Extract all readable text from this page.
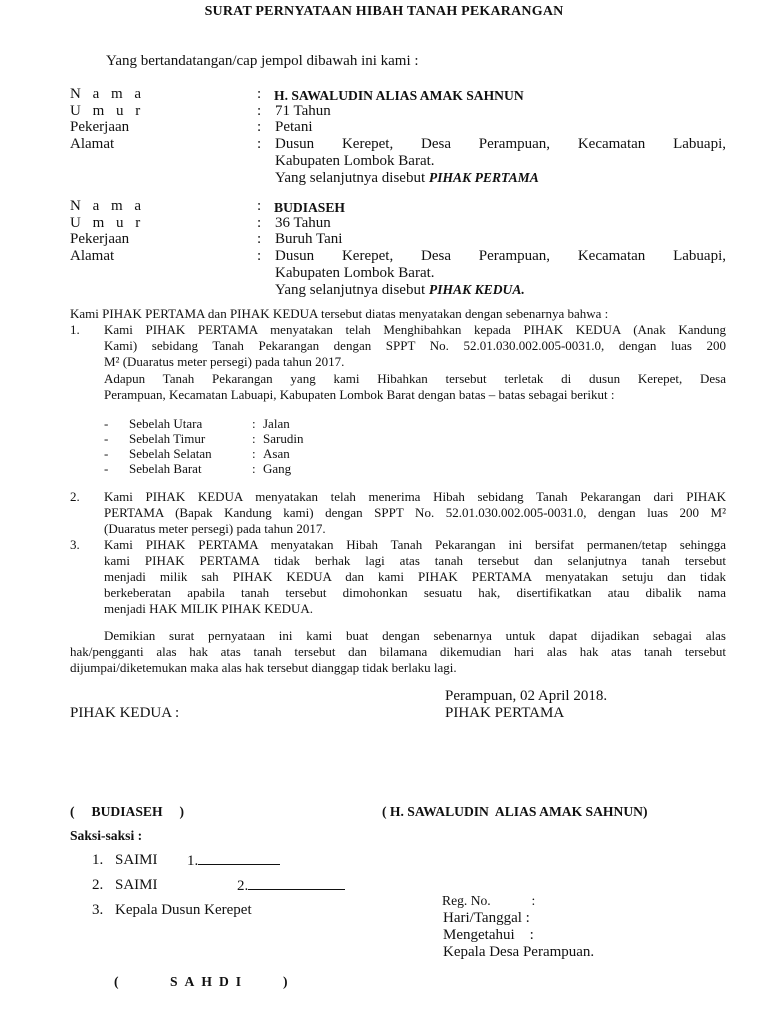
SURAT PERNYATAAN HIBAH TANAH PEKARANGAN
Yang bertandatangan/cap jempol dibawah ini kami :
N a m a	: H. SAWALUDIN ALIAS AMAK SAHNUN
U m u r	: 71 Tahun
Pekerjaan	: Petani
Alamat	: Dusun Kerepet, Desa Perampuan, Kecamatan Labuapi,
Kabupaten Lombok Barat.
Yang selanjutnya disebut PIHAK PERTAMA
N a m a	: BUDIASEH
U m u r	: 36 Tahun
Pekerjaan	: Buruh Tani
Alamat	: Dusun Kerepet, Desa Perampuan, Kecamatan Labuapi,
Kabupaten Lombok Barat.
Yang selanjutnya disebut PIHAK KEDUA.
Kami PIHAK PERTAMA dan PIHAK KEDUA tersebut diatas menyatakan dengan sebenarnya bahwa :
1. Kami PIHAK PERTAMA menyatakan telah Menghibahkan kepada PIHAK KEDUA (Anak Kandung
Kami) sebidang Tanah Pekarangan dengan SPPT No. 52.01.030.002.005-0031.0, dengan luas 200
M² (Duaratus meter persegi) pada tahun 2017.
Adapun Tanah Pekarangan yang kami Hibahkan tersebut terletak di dusun Kerepet, Desa
Perampuan, Kecamatan Labuapi, Kabupaten Lombok Barat dengan batas – batas sebagai berikut :
- Sebelah Utara	: Jalan
- Sebelah Timur	: Sarudin
- Sebelah Selatan	: Asan
- Sebelah Barat	: Gang
2. Kami PIHAK KEDUA menyatakan telah menerima Hibah sebidang Tanah Pekarangan dari PIHAK
PERTAMA (Bapak Kandung kami) dengan SPPT No. 52.01.030.002.005-0031.0, dengan luas 200 M²
(Duaratus meter persegi) pada tahun 2017.
3. Kami PIHAK PERTAMA menyatakan Hibah Tanah Pekarangan ini bersifat permanen/tetap sehingga
kami PIHAK PERTAMA tidak berhak lagi atas tanah tersebut dan selanjutnya tanah tersebut
menjadi milik sah PIHAK KEDUA dan kami PIHAK PERTAMA menyatakan setuju dan tidak
berkeberatan apabila tanah tersebut dimohonkan sesuatu hak, disertifikatkan atau dibalik nama
menjadi HAK MILIK PIHAK KEDUA.
Demikian surat pernyataan ini kami buat dengan sebenarnya untuk dapat dijadikan sebagai alas
hak/pengganti alas hak atas tanah tersebut dan bilamana dikemudian hari alas hak atas tanah tersebut
dijumpai/diketemukan maka alas hak tersebut dianggap tidak berlaku lagi.
Perampuan, 02 April 2018.
PIHAK KEDUA :	PIHAK PERTAMA
(     BUDIASEH     )	( H. SAWALUDIN  ALIAS AMAK SAHNUN)
Saksi-saksi :
1. SAIMI 1.
2. SAIMI	2.
3. Kepala Dusun Kerepet
Reg. No.            :
Hari/Tanggal :
Mengetahui    :
Kepala Desa Perampuan.
(	SAHDI	)
